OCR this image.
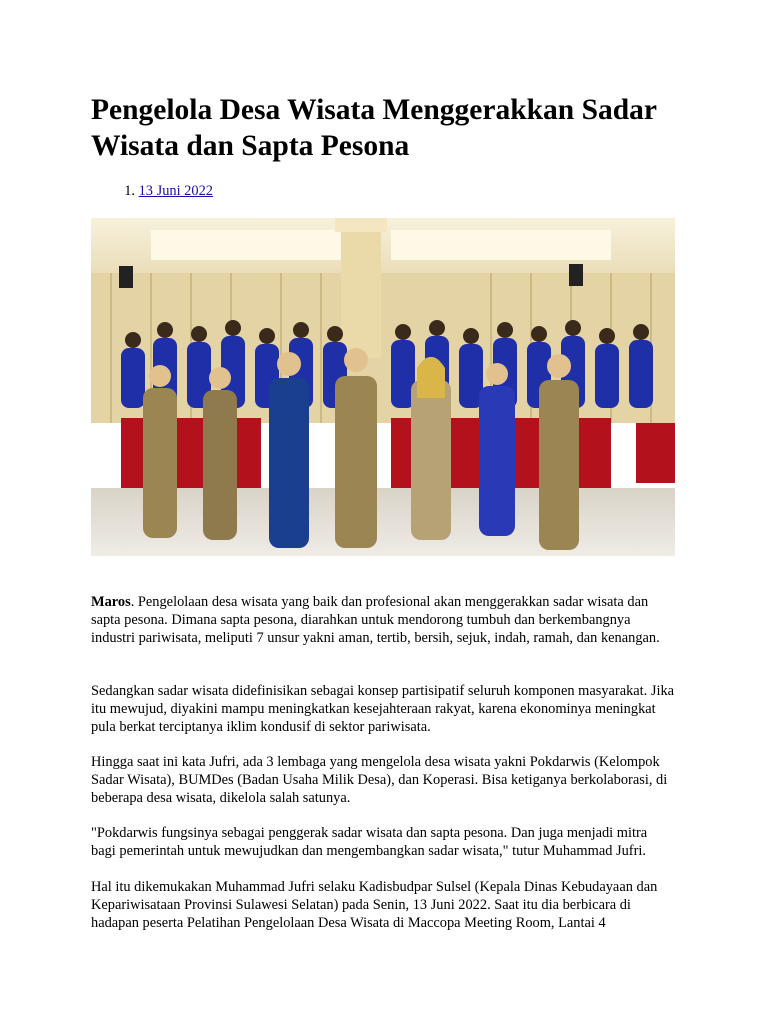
Pengelola Desa Wisata Menggerakkan Sadar Wisata dan Sapta Pesona
1. 13 Juni 2022

Maros. Pengelolaan desa wisata yang baik dan profesional akan menggerakkan sadar wisata dan sapta pesona. Dimana sapta pesona, diarahkan untuk mendorong tumbuh dan berkembangnya industri pariwisata, meliputi 7 unsur yakni aman, tertib, bersih, sejuk, indah, ramah, dan kenangan.

Sedangkan sadar wisata didefinisikan sebagai konsep partisipatif seluruh komponen masyarakat. Jika itu mewujud, diyakini mampu meningkatkan kesejahteraan rakyat, karena ekonominya meningkat pula berkat terciptanya iklim kondusif di sektor pariwisata.

Hingga saat ini kata Jufri, ada 3 lembaga yang mengelola desa wisata yakni Pokdarwis (Kelompok Sadar Wisata), BUMDes (Badan Usaha Milik Desa), dan Koperasi. Bisa ketiganya berkolaborasi, di beberapa desa wisata, dikelola salah satunya.

"Pokdarwis fungsinya sebagai penggerak sadar wisata dan sapta pesona. Dan juga menjadi mitra bagi pemerintah untuk mewujudkan dan mengembangkan sadar wisata," tutur Muhammad Jufri.

Hal itu dikemukakan Muhammad Jufri selaku Kadisbudpar Sulsel (Kepala Dinas Kebudayaan dan Kepariwisataan Provinsi Sulawesi Selatan) pada Senin, 13 Juni 2022. Saat itu dia berbicara di hadapan peserta Pelatihan Pengelolaan Desa Wisata di Maccopa Meeting Room, Lantai 4
